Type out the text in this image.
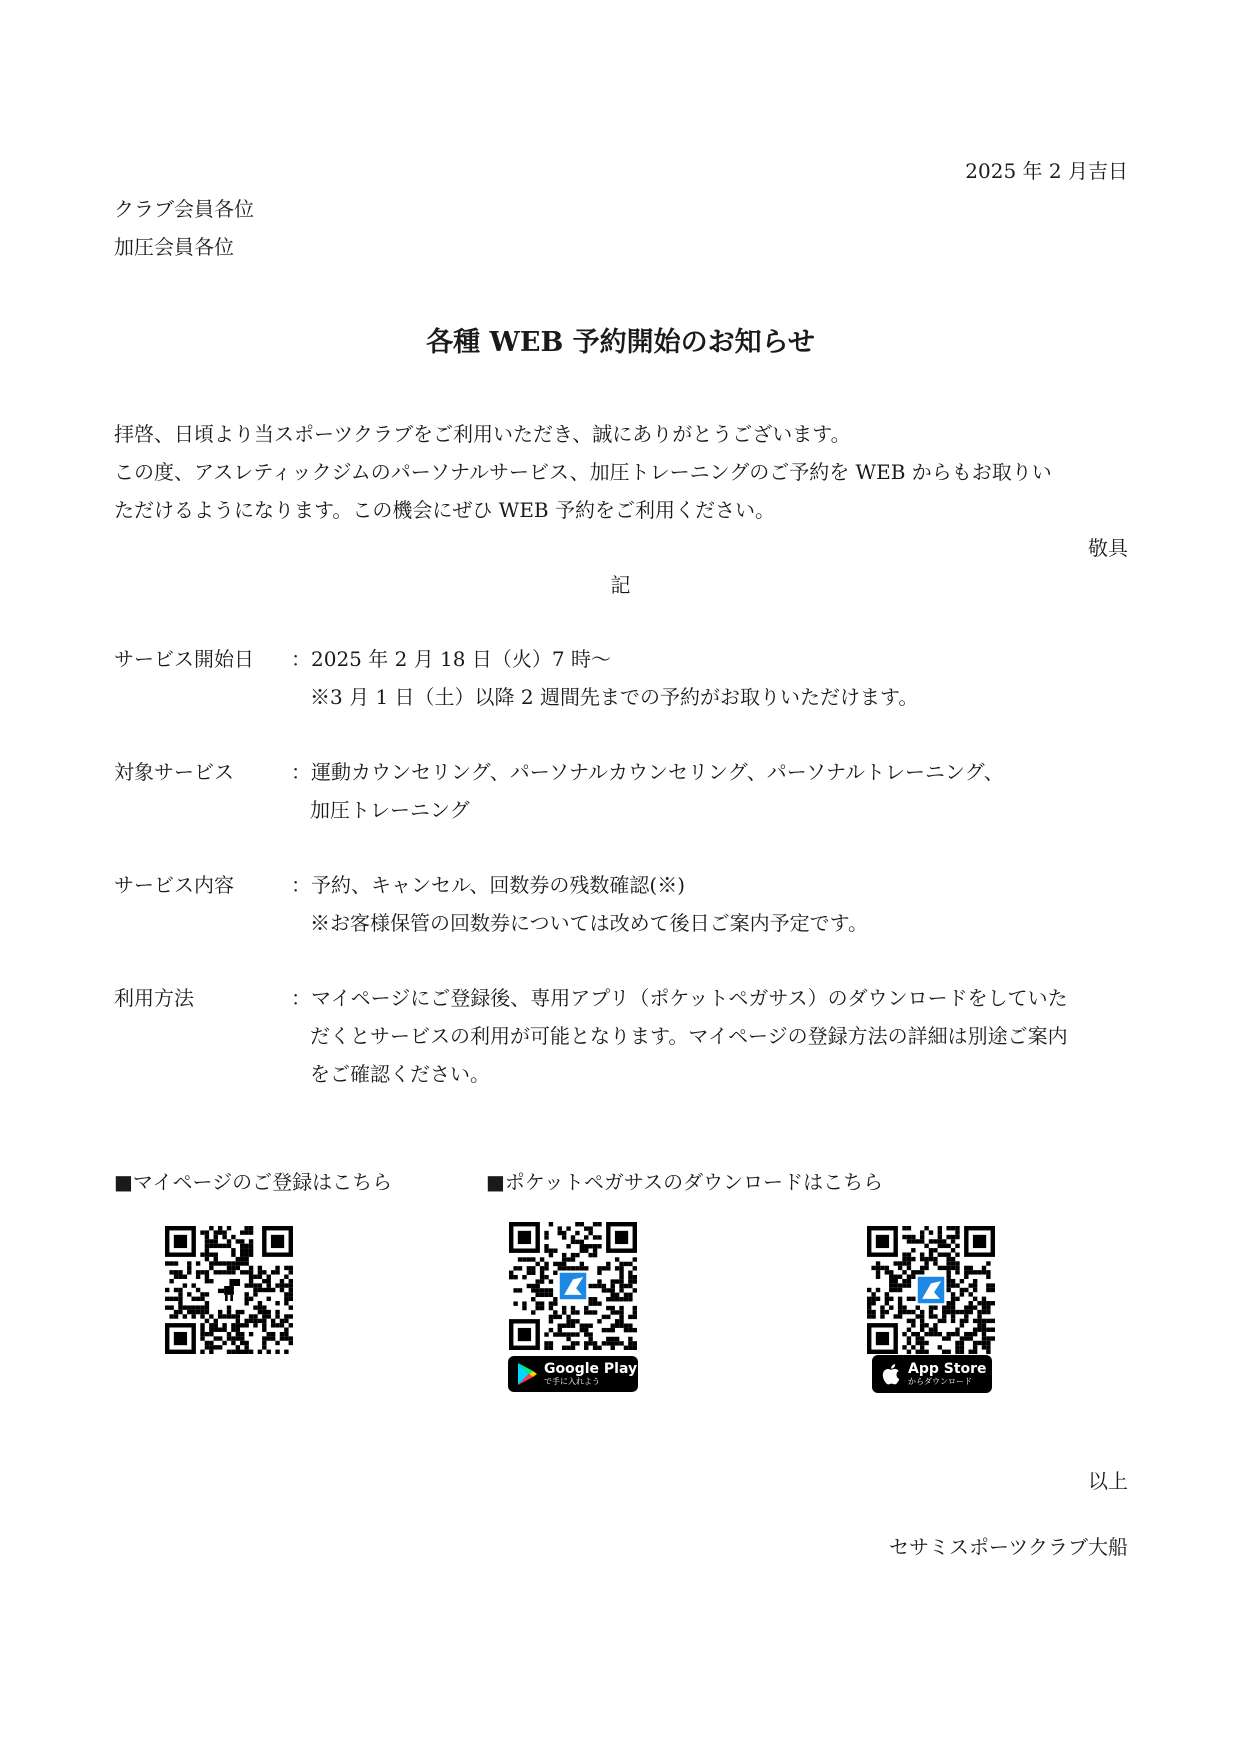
2025 年 2 月吉日
クラブ会員各位
加圧会員各位
各種 WEB 予約開始のお知らせ
拝啓、日頃より当スポーツクラブをご利用いただき、誠にありがとうございます。
この度、アスレティックジムのパーソナルサービス、加圧トレーニングのご予約を WEB からもお取りい
ただけるようになります。この機会にぜひ WEB 予約をご利用ください。
敬具
記
サービス開始日 ：2025 年 2 月 18 日（火）7 時～
※3 月 1 日（土）以降 2 週間先までの予約がお取りいただけます。
対象サービス	：運動カウンセリング、パーソナルカウンセリング、パーソナルトレーニング、
加圧トレーニング
サービス内容	：予約、キャンセル、回数券の残数確認(※)
※お客様保管の回数券については改めて後日ご案内予定です。
利用方法	：マイページにご登録後、専用アプリ（ポケットペガサス）のダウンロードをしていた
だくとサービスの利用が可能となります。マイページの登録方法の詳細は別途ご案内
をご確認ください。
■マイページのご登録はこちら	■ポケットペガサスのダウンロードはこちら
Google Play
で手に入れよう
App Store
からダウンロード
以上
セサミスポーツクラブ大船
